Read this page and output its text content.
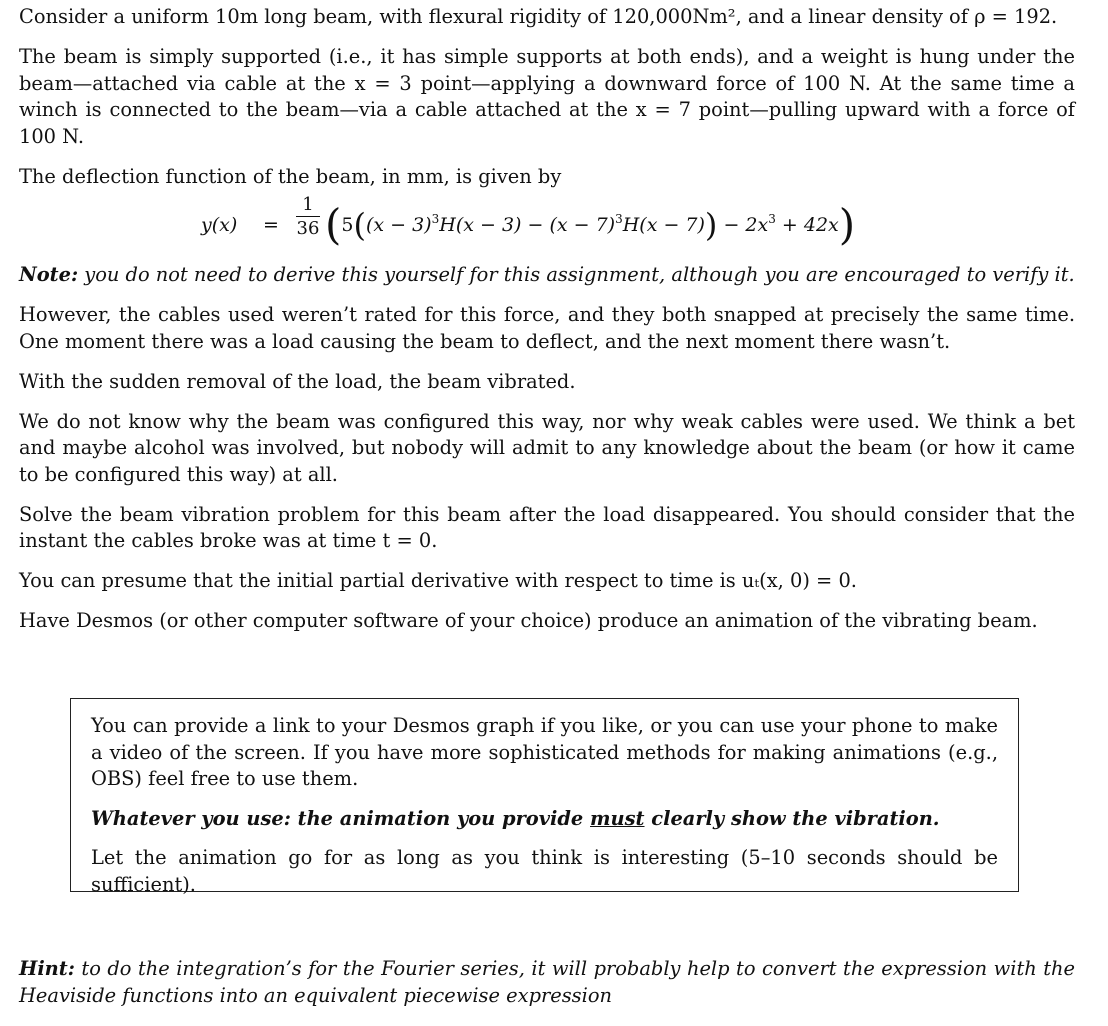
Consider a uniform 10m long beam, with flexural rigidity of 120,000Nm², and a linear density of ρ = 192.

The beam is simply supported (i.e., it has simple supports at both ends), and a weight is hung under the beam—attached via cable at the x = 3 point—applying a downward force of 100 N. At the same time a winch is connected to the beam—via a cable attached at the x = 7 point—pulling upward with a force of 100 N.

The deflection function of the beam, in mm, is given by

y(x) =
1
36 $(5((x - 3)^3H(x - 3) - (x - 7)^3H(x - 7)) - 2x^3 + 42x)$

Note: you do not need to derive this yourself for this assignment, although you are encouraged to verify it.

However, the cables used weren’t rated for this force, and they both snapped at precisely the same time. One moment there was a load causing the beam to deflect, and the next moment there wasn’t.

With the sudden removal of the load, the beam vibrated.

We do not know why the beam was configured this way, nor why weak cables were used. We think a bet and maybe alcohol was involved, but nobody will admit to any knowledge about the beam (or how it came to be configured this way) at all.

Solve the beam vibration problem for this beam after the load disappeared. You should consider that the instant the cables broke was at time t = 0.

You can presume that the initial partial derivative with respect to time is uₜ(x, 0) = 0.

Have Desmos (or other computer software of your choice) produce an animation of the vibrating beam.

You can provide a link to your Desmos graph if you like, or you can use your phone to make a video of the screen. If you have more sophisticated methods for making animations (e.g., OBS) feel free to use them.

Whatever you use: the animation you provide must clearly show the vibration.

Let the animation go for as long as you think is interesting (5–10 seconds should be sufficient).

Hint: to do the integration’s for the Fourier series, it will probably help to convert the expression with the Heaviside functions into an equivalent piecewise expression
